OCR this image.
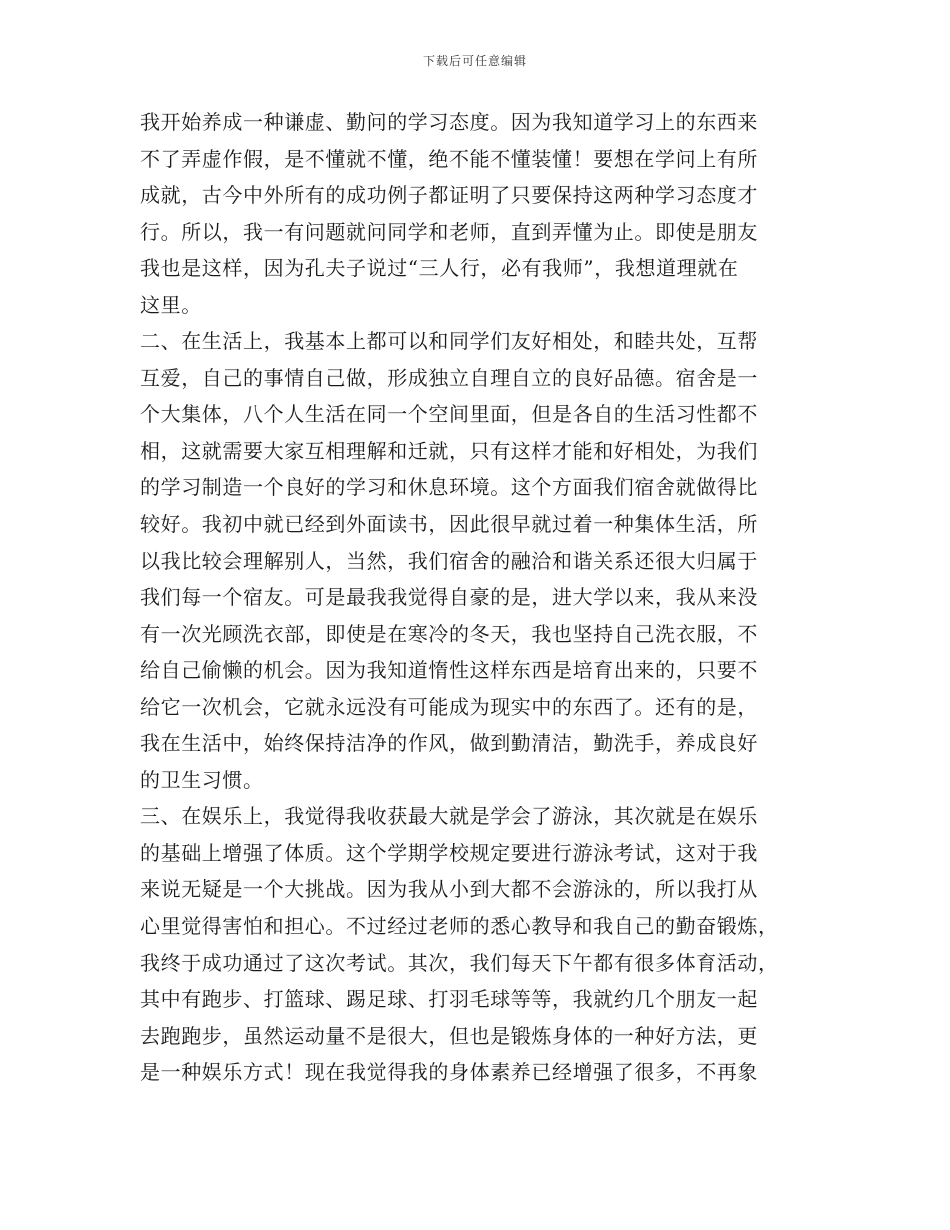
下载后可任意编辑
我开始养成一种谦虚、勤问的学习态度。因为我知道学习上的东西来
不了弄虚作假，是不懂就不懂，绝不能不懂装懂！要想在学问上有所
成就，古今中外所有的成功例子都证明了只要保持这两种学习态度才
行。所以，我一有问题就问同学和老师，直到弄懂为止。即使是朋友
我也是这样，因为孔夫子说过“三人行，必有我师”，我想道理就在
这里。
二、在生活上，我基本上都可以和同学们友好相处，和睦共处，互帮
互爱，自己的事情自己做，形成独立自理自立的良好品德。宿舍是一
个大集体，八个人生活在同一个空间里面，但是各自的生活习性都不
相，这就需要大家互相理解和迁就，只有这样才能和好相处，为我们
的学习制造一个良好的学习和休息环境。这个方面我们宿舍就做得比
较好。我初中就已经到外面读书，因此很早就过着一种集体生活，所
以我比较会理解别人，当然，我们宿舍的融洽和谐关系还很大归属于
我们每一个宿友。可是最我我觉得自豪的是，进大学以来，我从来没
有一次光顾洗衣部，即使是在寒冷的冬天，我也坚持自己洗衣服，不
给自己偷懒的机会。因为我知道惰性这样东西是培育出来的，只要不
给它一次机会，它就永远没有可能成为现实中的东西了。还有的是，
我在生活中，始终保持洁净的作风，做到勤清洁，勤洗手，养成良好
的卫生习惯。
三、在娱乐上，我觉得我收获最大就是学会了游泳，其次就是在娱乐
的基础上增强了体质。这个学期学校规定要进行游泳考试，这对于我
来说无疑是一个大挑战。因为我从小到大都不会游泳的，所以我打从
心里觉得害怕和担心。不过经过老师的悉心教导和我自己的勤奋锻炼，
我终于成功通过了这次考试。其次，我们每天下午都有很多体育活动，
其中有跑步、打篮球、踢足球、打羽毛球等等，我就约几个朋友一起
去跑跑步，虽然运动量不是很大，但也是锻炼身体的一种好方法，更
是一种娱乐方式！现在我觉得我的身体素养已经增强了很多，不再象
